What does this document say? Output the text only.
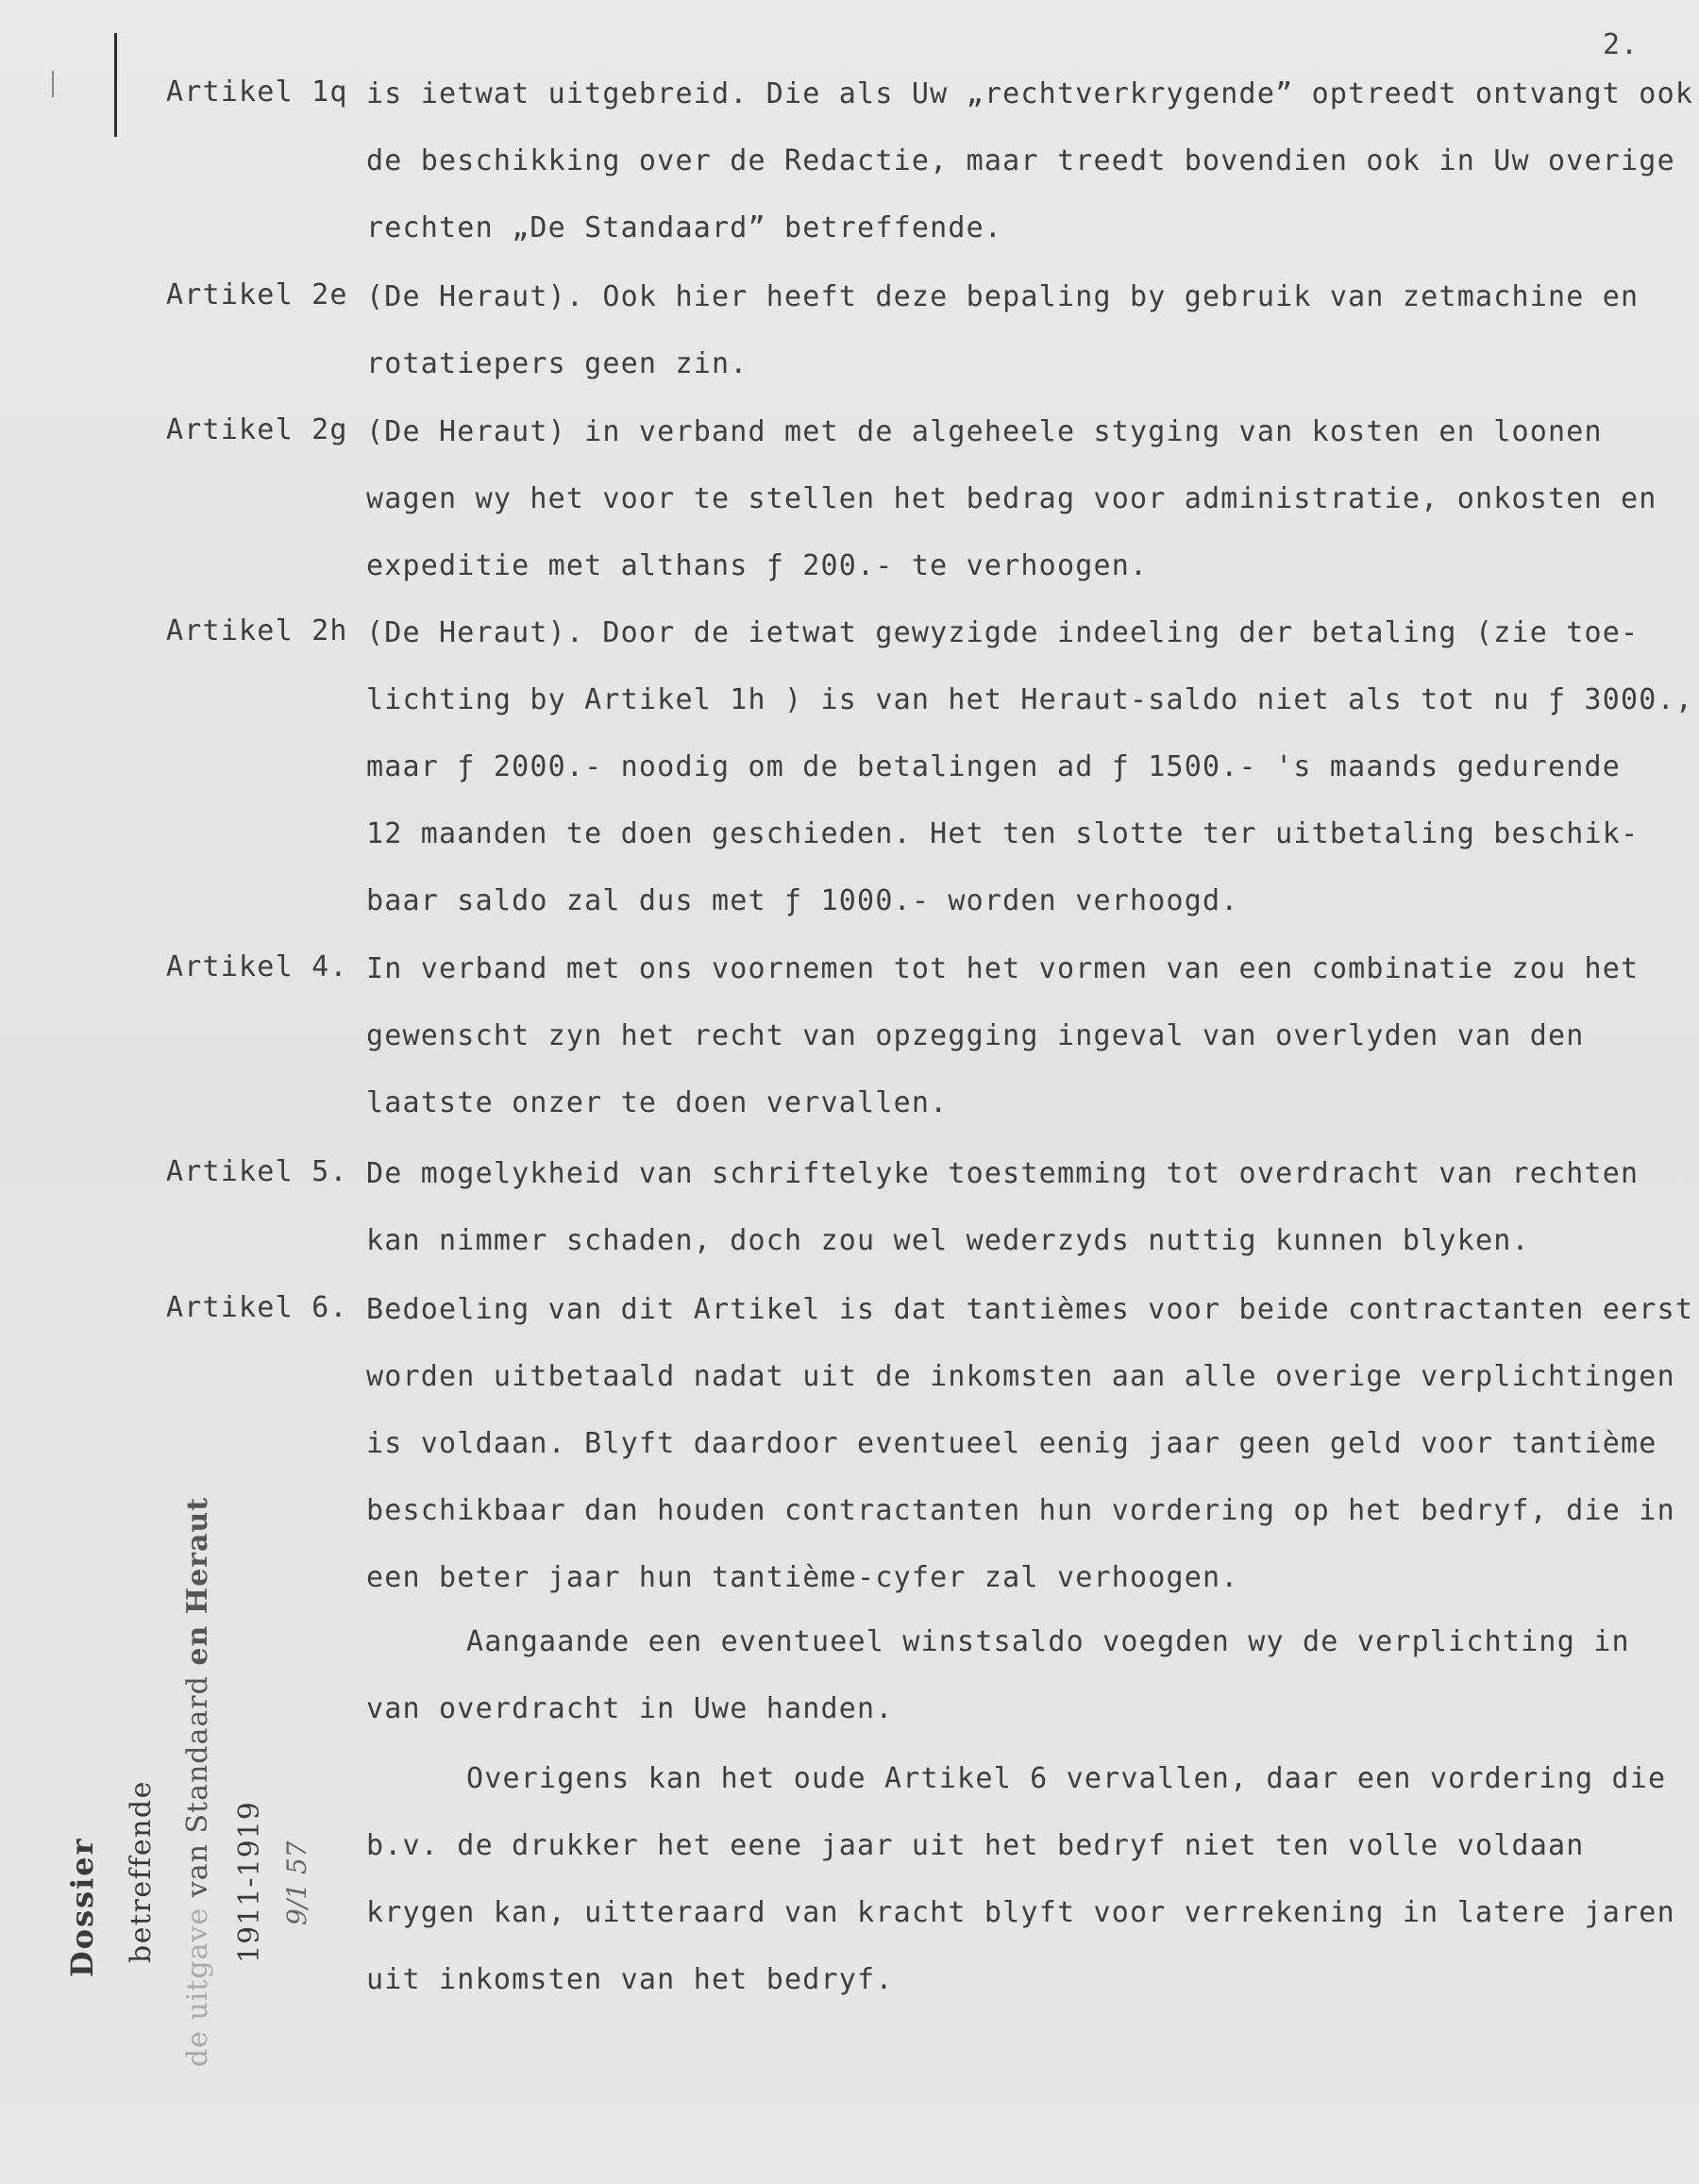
2.
Artikel 1q is ietwat uitgebreid. Die als Uw „rechtverkrygende” optreedt ontvangt ook
de beschikking over de Redactie, maar treedt bovendien ook in Uw overige
rechten „De Standaard” betreffende.
Artikel 2e (De Heraut). Ook hier heeft deze bepaling by gebruik van zetmachine en
rotatiepers geen zin.
Artikel 2g (De Heraut) in verband met de algeheele styging van kosten en loonen
wagen wy het voor te stellen het bedrag voor administratie, onkosten en
expeditie met althans ƒ 200.- te verhoogen.
Artikel 2h (De Heraut). Door de ietwat gewyzigde indeeling der betaling (zie toe-
lichting by Artikel 1h ) is van het Heraut-saldo niet als tot nu ƒ 3000.,
maar ƒ 2000.- noodig om de betalingen ad ƒ 1500.- 's maands gedurende
12 maanden te doen geschieden. Het ten slotte ter uitbetaling beschik-
baar saldo zal dus met ƒ 1000.- worden verhoogd.
Artikel 4. In verband met ons voornemen tot het vormen van een combinatie zou het
gewenscht zyn het recht van opzegging ingeval van overlyden van den
laatste onzer te doen vervallen.
Artikel 5. De mogelykheid van schriftelyke toestemming tot overdracht van rechten
kan nimmer schaden, doch zou wel wederzyds nuttig kunnen blyken.
Artikel 6. Bedoeling van dit Artikel is dat tantièmes voor beide contractanten eerst
worden uitbetaald nadat uit de inkomsten aan alle overige verplichtingen
is voldaan. Blyft daardoor eventueel eenig jaar geen geld voor tantième
beschikbaar dan houden contractanten hun vordering op het bedryf, die in
een beter jaar hun tantième-cyfer zal verhoogen.
Aangaande een eventueel winstsaldo voegden wy de verplichting in
van overdracht in Uwe handen.
Overigens kan het oude Artikel 6 vervallen, daar een vordering die
b.v. de drukker het eene jaar uit het bedryf niet ten volle voldaan
krygen kan, uitteraard van kracht blyft voor verrekening in latere jaren
uit inkomsten van het bedryf.
Dossier betreffende
de uitgave van Standaard en Heraut
1911-1919 9/1 57
